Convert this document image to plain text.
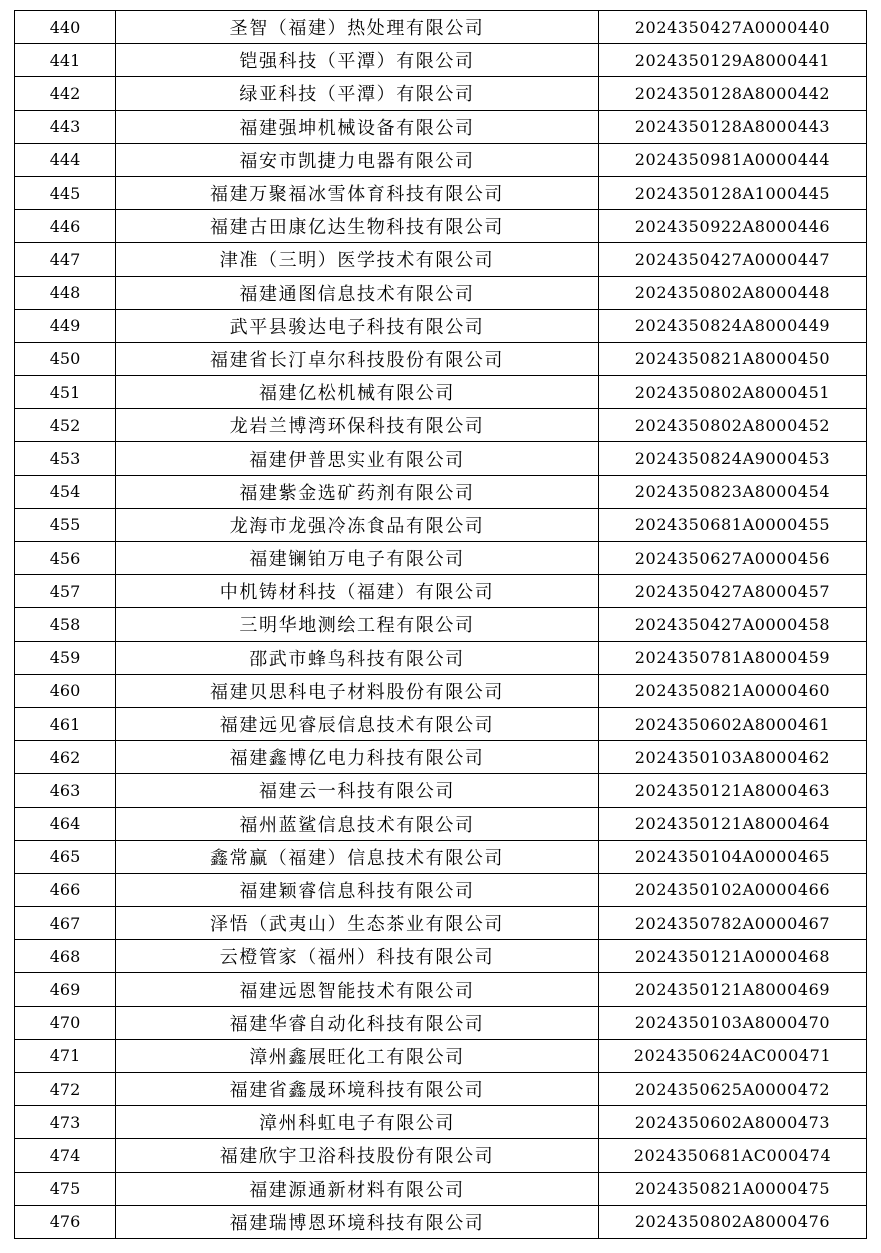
440	圣智（福建）热处理有限公司	2024350427A0000440
441	铠强科技（平潭）有限公司	2024350129A8000441
442	绿亚科技（平潭）有限公司	2024350128A8000442
443	福建强坤机械设备有限公司	2024350128A8000443
444	福安市凯捷力电器有限公司	2024350981A0000444
445	福建万聚福冰雪体育科技有限公司	2024350128A1000445
446	福建古田康亿达生物科技有限公司	2024350922A8000446
447	津准（三明）医学技术有限公司	2024350427A0000447
448	福建通图信息技术有限公司	2024350802A8000448
449	武平县骏达电子科技有限公司	2024350824A8000449
450	福建省长汀卓尔科技股份有限公司	2024350821A8000450
451	福建亿松机械有限公司	2024350802A8000451
452	龙岩兰博湾环保科技有限公司	2024350802A8000452
453	福建伊普思实业有限公司	2024350824A9000453
454	福建紫金选矿药剂有限公司	2024350823A8000454
455	龙海市龙强冷冻食品有限公司	2024350681A0000455
456	福建镧铂万电子有限公司	2024350627A0000456
457	中机铸材科技（福建）有限公司	2024350427A8000457
458	三明华地测绘工程有限公司	2024350427A0000458
459	邵武市蜂鸟科技有限公司	2024350781A8000459
460	福建贝思科电子材料股份有限公司	2024350821A0000460
461	福建远见睿辰信息技术有限公司	2024350602A8000461
462	福建鑫博亿电力科技有限公司	2024350103A8000462
463	福建云一科技有限公司	2024350121A8000463
464	福州蓝鲨信息技术有限公司	2024350121A8000464
465	鑫常赢（福建）信息技术有限公司	2024350104A0000465
466	福建颖睿信息科技有限公司	2024350102A0000466
467	泽悟（武夷山）生态茶业有限公司	2024350782A0000467
468	云橙管家（福州）科技有限公司	2024350121A0000468
469	福建远恩智能技术有限公司	2024350121A8000469
470	福建华睿自动化科技有限公司	2024350103A8000470
471	漳州鑫展旺化工有限公司	2024350624AC000471
472	福建省鑫晟环境科技有限公司	2024350625A0000472
473	漳州科虹电子有限公司	2024350602A8000473
474	福建欣宇卫浴科技股份有限公司	2024350681AC000474
475	福建源通新材料有限公司	2024350821A0000475
476	福建瑞博恩环境科技有限公司	2024350802A8000476
